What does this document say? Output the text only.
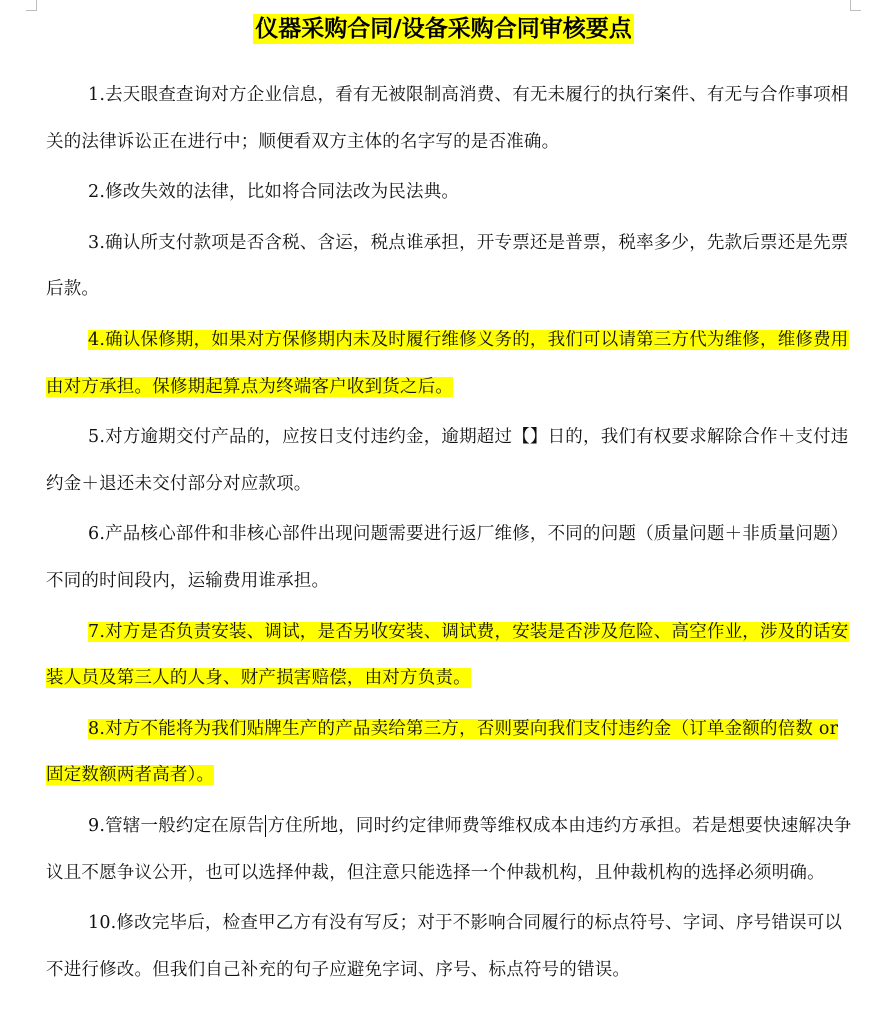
仪器采购合同/设备采购合同审核要点

1.去天眼查查询对方企业信息，看有无被限制高消费、有无未履行的执行案件、有无与合作事项相关的法律诉讼正在进行中；顺便看双方主体的名字写的是否准确。

2.修改失效的法律，比如将合同法改为民法典。

3.确认所支付款项是否含税、含运，税点谁承担，开专票还是普票，税率多少，先款后票还是先票后款。

4.确认保修期，如果对方保修期内未及时履行维修义务的，我们可以请第三方代为维修，维修费用由对方承担。保修期起算点为终端客户收到货之后。

5.对方逾期交付产品的，应按日支付违约金，逾期超过【】日的，我们有权要求解除合作＋支付违约金＋退还未交付部分对应款项。

6.产品核心部件和非核心部件出现问题需要进行返厂维修，不同的问题（质量问题＋非质量问题）不同的时间段内，运输费用谁承担。

7.对方是否负责安装、调试，是否另收安装、调试费，安装是否涉及危险、高空作业，涉及的话安装人员及第三人的人身、财产损害赔偿，由对方负责。

8.对方不能将为我们贴牌生产的产品卖给第三方，否则要向我们支付违约金（订单金额的倍数 or 固定数额两者高者）。

9.管辖一般约定在原告 方住所地，同时约定律师费等维权成本由违约方承担。若是想要快速解决争议且不愿争议公开，也可以选择仲裁，但注意只能选择一个仲裁机构，且仲裁机构的选择必须明确。

10.修改完毕后，检查甲乙方有没有写反；对于不影响合同履行的标点符号、字词、序号错误可以不进行修改。但我们自己补充的句子应避免字词、序号、标点符号的错误。
